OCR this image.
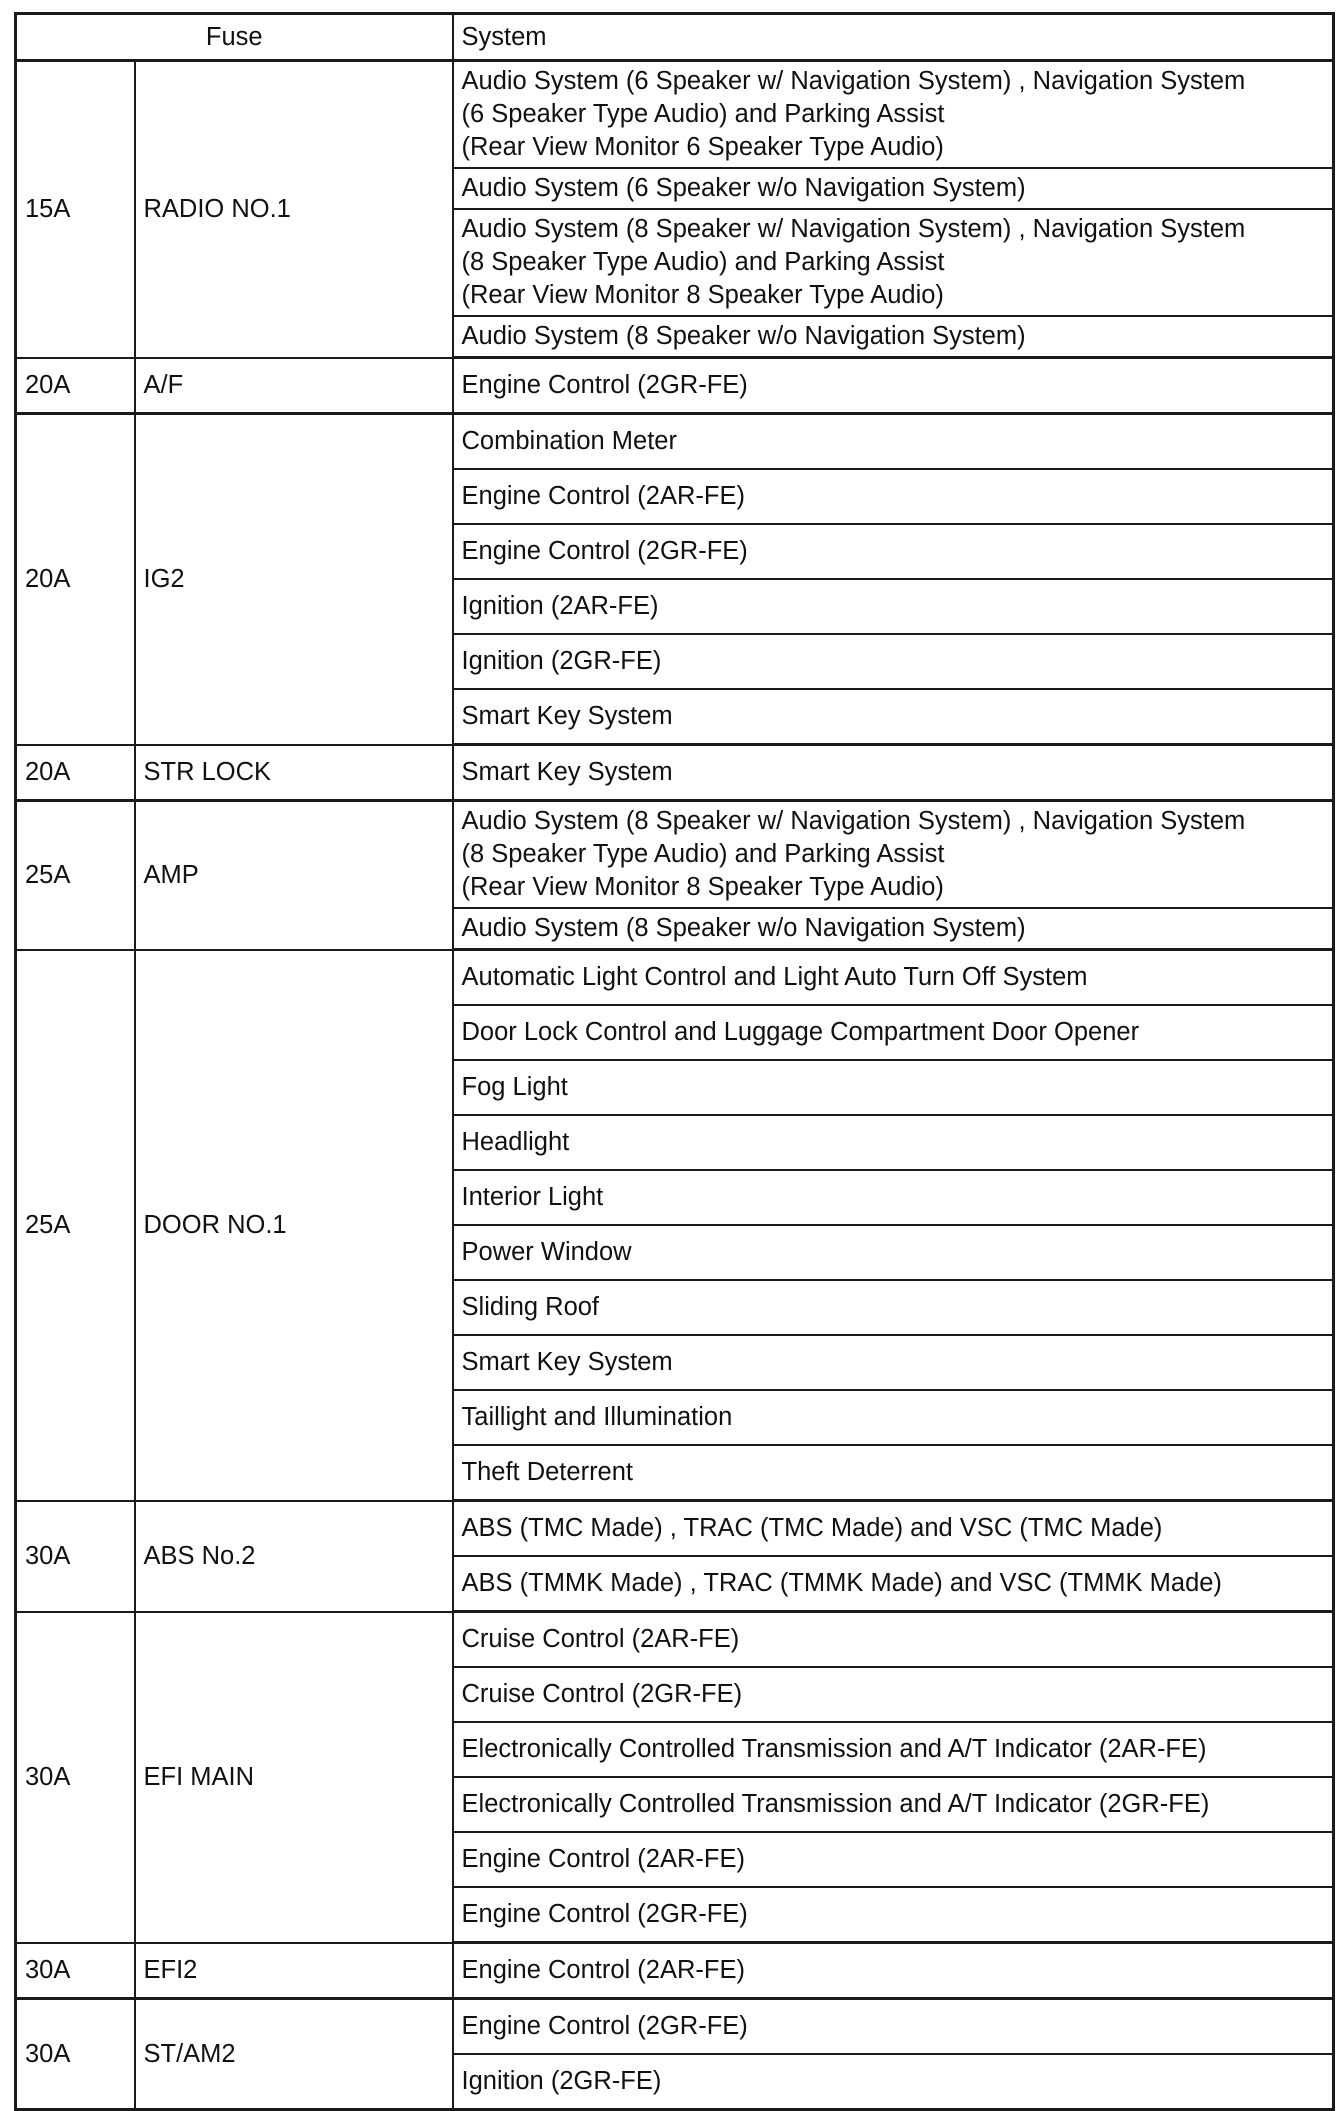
Fuse		System
15A	RADIO NO.1	Audio System (6 Speaker w/ Navigation System) , Navigation System
(6 Speaker Type Audio) and Parking Assist
(Rear View Monitor 6 Speaker Type Audio)

		Audio System (6 Speaker w/o Navigation System)

		Audio System (8 Speaker w/ Navigation System) , Navigation System
(8 Speaker Type Audio) and Parking Assist
(Rear View Monitor 8 Speaker Type Audio)

		Audio System (8 Speaker w/o Navigation System)

20A	A/F	Engine Control (2GR-FE)

20A	IG2	Combination Meter

		Engine Control (2AR-FE)

		Engine Control (2GR-FE)

		Ignition (2AR-FE)

		Ignition (2GR-FE)

		Smart Key System

20A	STR LOCK	Smart Key System

25A	AMP	Audio System (8 Speaker w/ Navigation System) , Navigation System
(8 Speaker Type Audio) and Parking Assist
(Rear View Monitor 8 Speaker Type Audio)

		Audio System (8 Speaker w/o Navigation System)

25A	DOOR NO.1	Automatic Light Control and Light Auto Turn Off System

		Door Lock Control and Luggage Compartment Door Opener

		Fog Light

		Headlight

		Interior Light

		Power Window

		Sliding Roof

		Smart Key System

		Taillight and Illumination

		Theft Deterrent

30A	ABS No.2	ABS (TMC Made) , TRAC (TMC Made) and VSC (TMC Made)

		ABS (TMMK Made) , TRAC (TMMK Made) and VSC (TMMK Made)

30A	EFI MAIN	Cruise Control (2AR-FE)

		Cruise Control (2GR-FE)

		Electronically Controlled Transmission and A/T Indicator (2AR-FE)

		Electronically Controlled Transmission and A/T Indicator (2GR-FE)

		Engine Control (2AR-FE)

		Engine Control (2GR-FE)

30A	EFI2	Engine Control (2AR-FE)

30A	ST/AM2	Engine Control (2GR-FE)

		Ignition (2GR-FE)
